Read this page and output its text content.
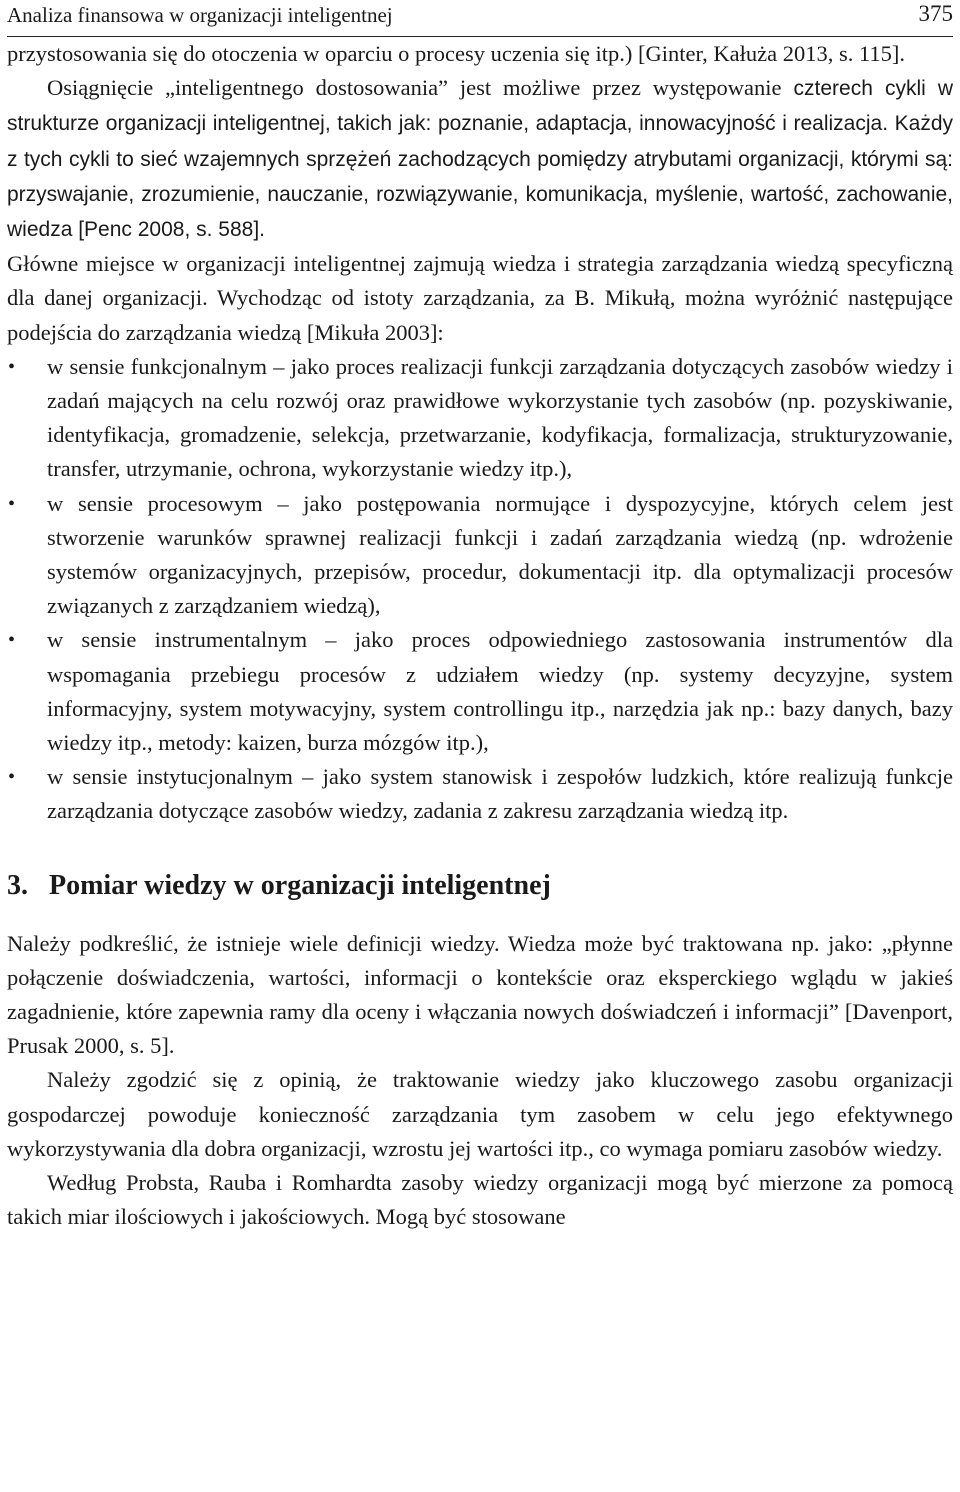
Analiza finansowa w organizacji inteligentnej	375

przystosowania się do otoczenia w oparciu o procesy uczenia się itp.) [Ginter, Kałuża 2013, s. 115].

Osiągnięcie „inteligentnego dostosowania” jest możliwe przez występowanie czterech cykli w strukturze organizacji inteligentnej, takich jak: poznanie, adaptacja, innowacyjność i realizacja. Każdy z tych cykli to sieć wzajemnych sprzężeń zachodzących pomiędzy atrybutami organizacji, którymi są: przyswajanie, zrozumienie, nauczanie, rozwiązywanie, komunikacja, myślenie, wartość, zachowanie, wiedza [Penc 2008, s. 588].

Główne miejsce w organizacji inteligentnej zajmują wiedza i strategia zarządzania wiedzą specyficzną dla danej organizacji. Wychodząc od istoty zarządzania, za B. Mikułą, można wyróżnić następujące podejścia do zarządzania wiedzą [Mikuła 2003]:

• w sensie funkcjonalnym – jako proces realizacji funkcji zarządzania dotyczących zasobów wiedzy i zadań mających na celu rozwój oraz prawidłowe wykorzystanie tych zasobów (np. pozyskiwanie, identyfikacja, gromadzenie, selekcja, przetwarzanie, kodyfikacja, formalizacja, strukturyzowanie, transfer, utrzymanie, ochrona, wykorzystanie wiedzy itp.),
• w sensie procesowym – jako postępowania normujące i dyspozycyjne, których celem jest stworzenie warunków sprawnej realizacji funkcji i zadań zarządzania wiedzą (np. wdrożenie systemów organizacyjnych, przepisów, procedur, dokumentacji itp. dla optymalizacji procesów związanych z zarządzaniem wiedzą),
• w sensie instrumentalnym – jako proces odpowiedniego zastosowania instrumentów dla wspomagania przebiegu procesów z udziałem wiedzy (np. systemy decyzyjne, system informacyjny, system motywacyjny, system controllingu itp., narzędzia jak np.: bazy danych, bazy wiedzy itp., metody: kaizen, burza mózgów itp.),
• w sensie instytucjonalnym – jako system stanowisk i zespołów ludzkich, które realizują funkcje zarządzania dotyczące zasobów wiedzy, zadania z zakresu zarządzania wiedzą itp.
3. Pomiar wiedzy w organizacji inteligentnej

Należy podkreślić, że istnieje wiele definicji wiedzy. Wiedza może być traktowana np. jako: „płynne połączenie doświadczenia, wartości, informacji o kontekście oraz eksperckiego wglądu w jakieś zagadnienie, które zapewnia ramy dla oceny i włączania nowych doświadczeń i informacji” [Davenport, Prusak 2000, s. 5].

Należy zgodzić się z opinią, że traktowanie wiedzy jako kluczowego zasobu organizacji gospodarczej powoduje konieczność zarządzania tym zasobem w celu jego efektywnego wykorzystywania dla dobra organizacji, wzrostu jej wartości itp., co wymaga pomiaru zasobów wiedzy.

Według Probsta, Rauba i Romhardta zasoby wiedzy organizacji mogą być mierzone za pomocą takich miar ilościowych i jakościowych. Mogą być stosowane
